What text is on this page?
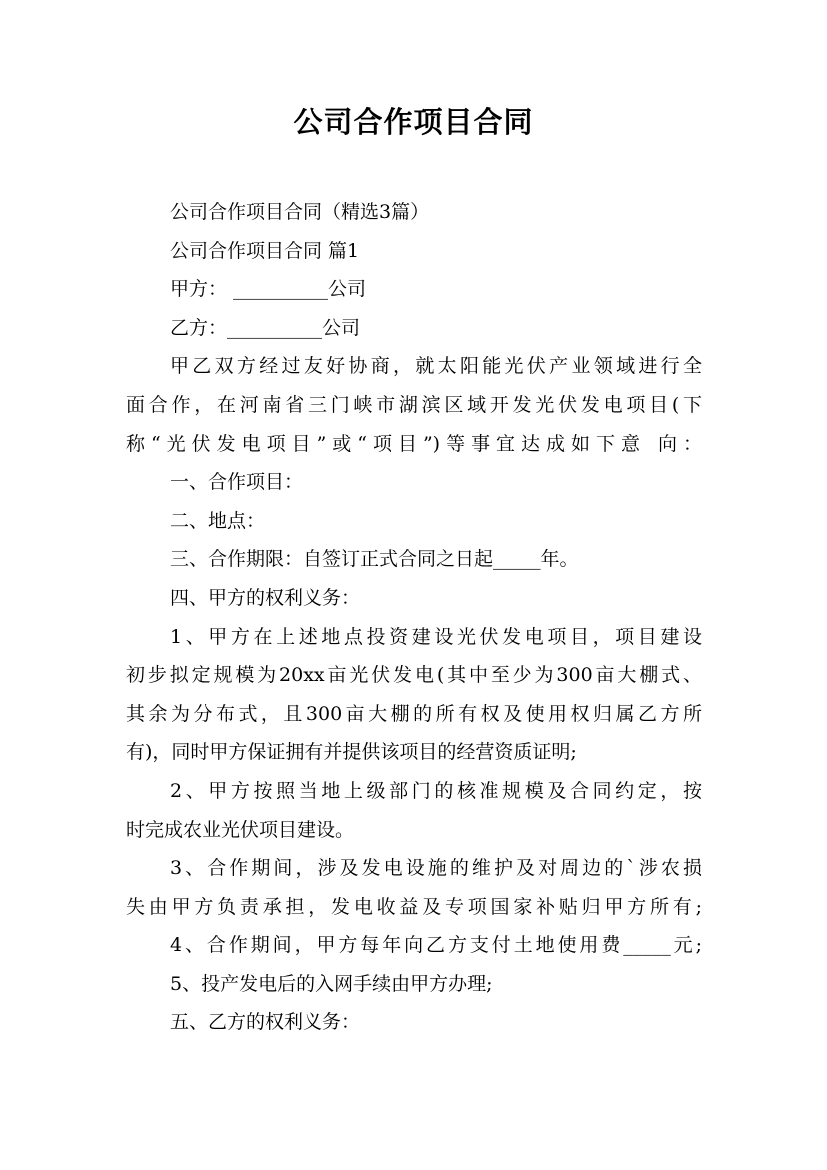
公司合作项目合同
公司合作项目合同（精选3篇）
公司合作项目合同 篇1
甲方： __________公司
乙方：__________公司
甲乙双方经过友好协商，就太阳能光伏产业领域进行全
面合作，在河南省三门峡市湖滨区域开发光伏发电项目(下
称“光伏发电项目”或“项目”)等事宜达成如下意 向：
一、合作项目：
二、地点：
三、合作期限：自签订正式合同之日起_____年。
四、甲方的权利义务：
1、甲方在上述地点投资建设光伏发电项目，项目建设
初步拟定规模为20xx亩光伏发电(其中至少为300亩大棚式、
其余为分布式，且300亩大棚的所有权及使用权归属乙方所
有)，同时甲方保证拥有并提供该项目的经营资质证明;
2、甲方按照当地上级部门的核准规模及合同约定，按
时完成农业光伏项目建设。
3、合作期间，涉及发电设施的维护及对周边的`涉农损
失由甲方负责承担，发电收益及专项国家补贴归甲方所有;
4、合作期间，甲方每年向乙方支付土地使用费_____元;
5、投产发电后的入网手续由甲方办理;
五、乙方的权利义务：
